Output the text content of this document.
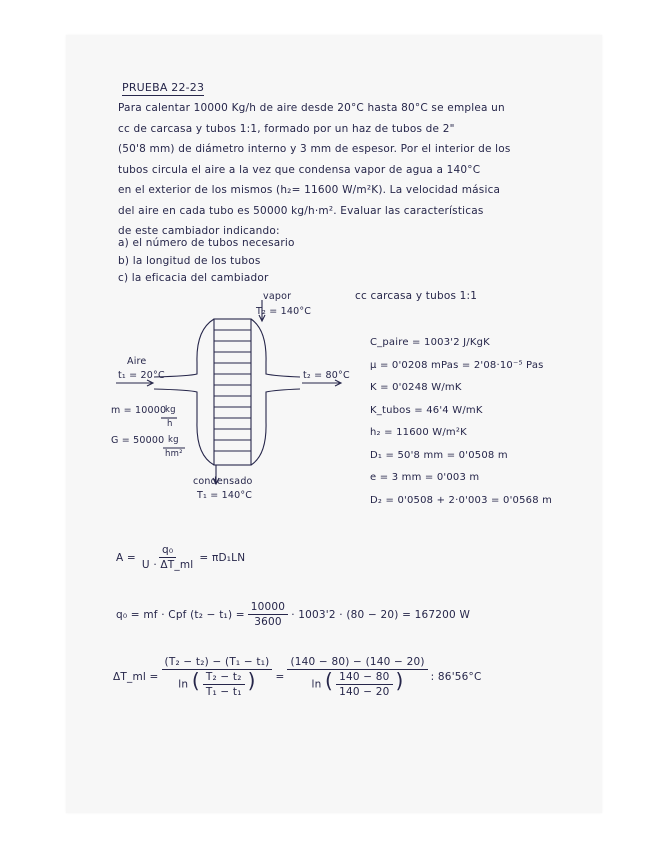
PRUEBA 22-23
Para calentar 10000 Kg/h de aire desde 20°C hasta 80°C se emplea un
cc de carcasa y tubos 1:1, formado por un haz de tubos de 2"
(50'8 mm) de diámetro interno y 3 mm de espesor. Por el interior de los
tubos circula el aire a la vez que condensa vapor de agua a 140°C
en el exterior de los mismos (h₂= 11600 W/m²K). La velocidad másica
del aire en cada tubo es 50000 kg/h·m². Evaluar las características
de este cambiador indicando:
a) el número de tubos necesario
b) la longitud de los tubos
c) la eficacia del cambiador
vapor
T₂ = 140°C
Aire
t₁ = 20°C	t₂ = 80°C
m = 10000
kg
h
G = 50000 kg
hm²
condensado
T₁ = 140°C
cc carcasa y tubos 1:1
C_paire = 1003'2 J/KgK
μ = 0'0208 mPas = 2'08·10⁻⁵ Pas
K = 0'0248 W/mK
K_tubos = 46'4 W/mK
h₂ = 11600 W/m²K
D₁ = 50'8 mm = 0'0508 m
e = 3 mm = 0'003 m
D₂ = 0'0508 + 2·0'003 = 0'0568 m
$A = \frac{\text{q₀}}{U \cdot \Delta T\_ml} = \pi D_1LN$
q₀ = mf · Cpf $(t_2 - t_1) = \frac{10000}{3600} \cdot 1003'2 \cdot (80 - 20) = 167200$ W
ΔT_ml = $\frac{\text{(T₂ − t₂) − (T₁ − t₁)}}{\ln ( \frac{\text{T₂ − t₂}}{\text{T₁ − t₁}} )} = \frac{(140 - 80) - (140 - 20)}{\ln ( \frac{140 - 80}{140 - 20} )}$ : 86'56°C
